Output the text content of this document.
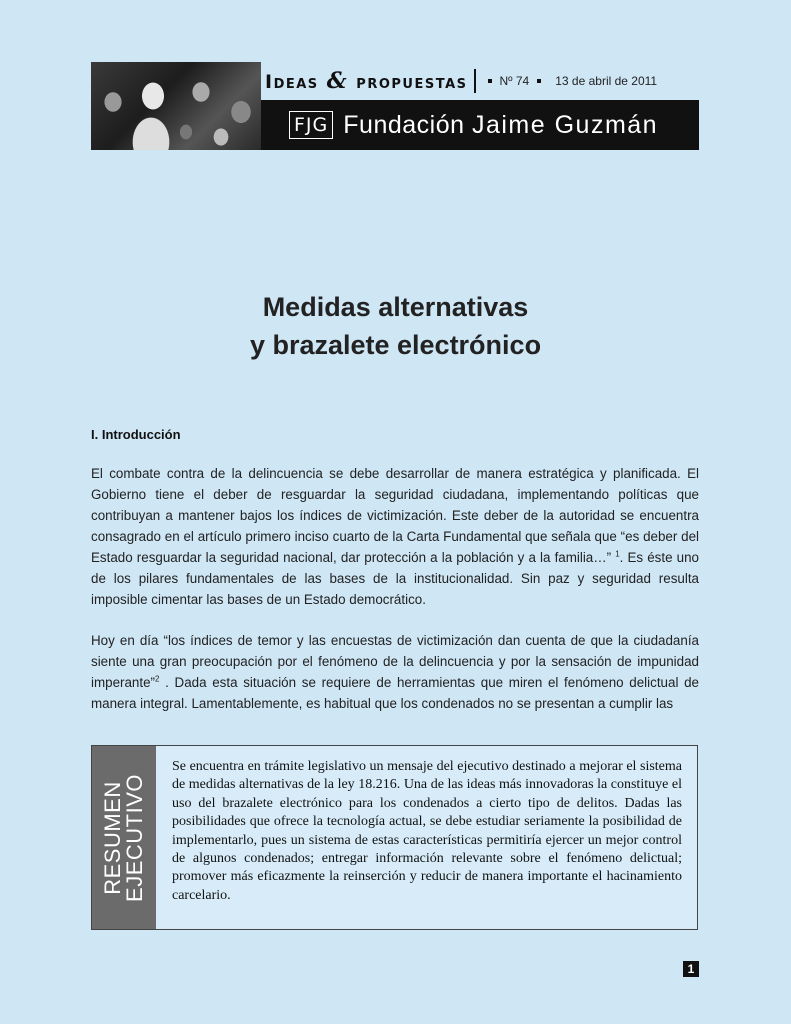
Ideas & propuestas	Nº 74 13 de abril de 2011
FJG Fundación Jaime Guzmán
Medidas alternativas
y brazalete electrónico
I. Introducción

El combate contra de la delincuencia se debe desarrollar de manera estratégica y planificada. El Gobierno tiene el deber de resguardar la seguridad ciudadana, implementando políticas que contribuyan a mantener bajos los índices de victimización. Este deber de la autoridad se encuentra consagrado en el artículo primero inciso cuarto de la Carta Fundamental que señala que “es deber del Estado resguardar la seguridad nacional, dar protección a la población y a la familia…” $^1$. Es éste uno de los pilares fundamentales de las bases de la institucionalidad. Sin paz y seguridad resulta imposible cimentar las bases de un Estado democrático.

Hoy en día “los índices de temor y las encuestas de victimización dan cuenta de que la ciudadanía siente una gran preocupación por el fenómeno de la delincuencia y por la sensación de impunidad imperante”$^2$ . Dada esta situación se requiere de herramientas que miren el fenómeno delictual de manera integral. Lamentablemente, es habitual que los condenados no se presentan a cumplir las

RESUMEN
EJECUTIVO

Se encuentra en trámite legislativo un mensaje del ejecutivo destinado a mejorar el sistema de medidas alternativas de la ley 18.216. Una de las ideas más innovadoras la constituye el uso del brazalete electrónico para los condenados a cierto tipo de delitos. Dadas las posibilidades que ofrece la tecnología actual, se debe estudiar seriamente la posibilidad de implementarlo, pues un sistema de estas características permitiría ejercer un mejor control de algunos condenados; entregar información relevante sobre el fenómeno delictual; promover más eficazmente la reinserción y reducir de manera importante el hacinamiento carcelario.

1
